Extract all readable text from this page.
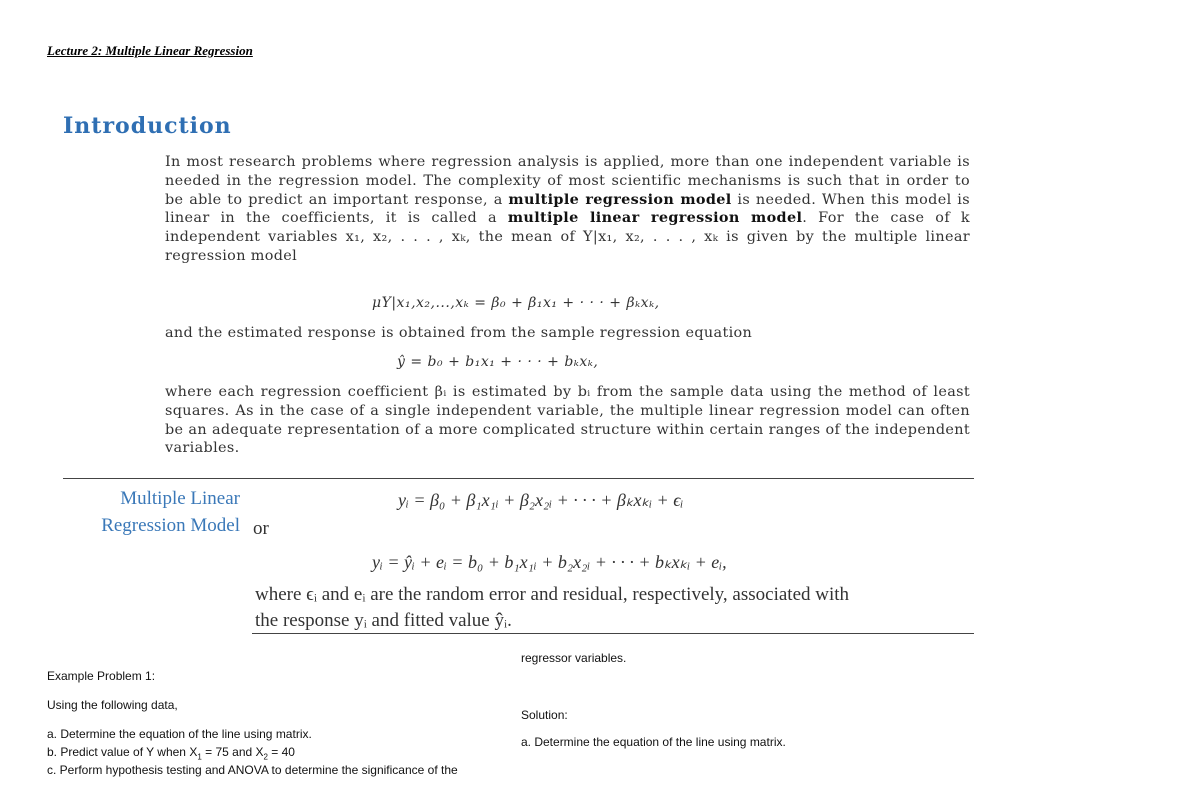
Lecture 2: Multiple Linear Regression
Introduction
In most research problems where regression analysis is applied, more than one independent variable is needed in the regression model. The complexity of most scientific mechanisms is such that in order to be able to predict an important response, a multiple regression model is needed. When this model is linear in the coefficients, it is called a multiple linear regression model. For the case of k independent variables x₁, x₂, . . . , xₖ, the mean of Y|x₁, x₂, . . . , xₖ is given by the multiple linear regression model
μY|x₁,x₂,...,xₖ = β₀ + β₁x₁ + · · · + βₖxₖ,
and the estimated response is obtained from the sample regression equation
ŷ = b₀ + b₁x₁ + · · · + bₖxₖ,
where each regression coefficient βᵢ is estimated by bᵢ from the sample data using the method of least squares. As in the case of a single independent variable, the multiple linear regression model can often be an adequate representation of a more complicated structure within certain ranges of the independent variables.
Multiple Linear
Regression Model
yᵢ = β₀ + β₁x₁ᵢ + β₂x₂ᵢ + · · · + βₖxₖᵢ + ϵᵢ
or
yᵢ = ŷᵢ + eᵢ = b₀ + b₁x₁ᵢ + b₂x₂ᵢ + · · · + bₖxₖᵢ + eᵢ,
where ϵᵢ and eᵢ are the random error and residual, respectively, associated with
the response yᵢ and fitted value ŷᵢ.
Example Problem 1:
Using the following data,
a. Determine the equation of the line using matrix.
b. Predict value of Y when $X_1 = 75$ and $X_2 = 40$
c. Perform hypothesis testing and ANOVA to determine the significance of the
regressor variables.
Solution:
a. Determine the equation of the line using matrix.
